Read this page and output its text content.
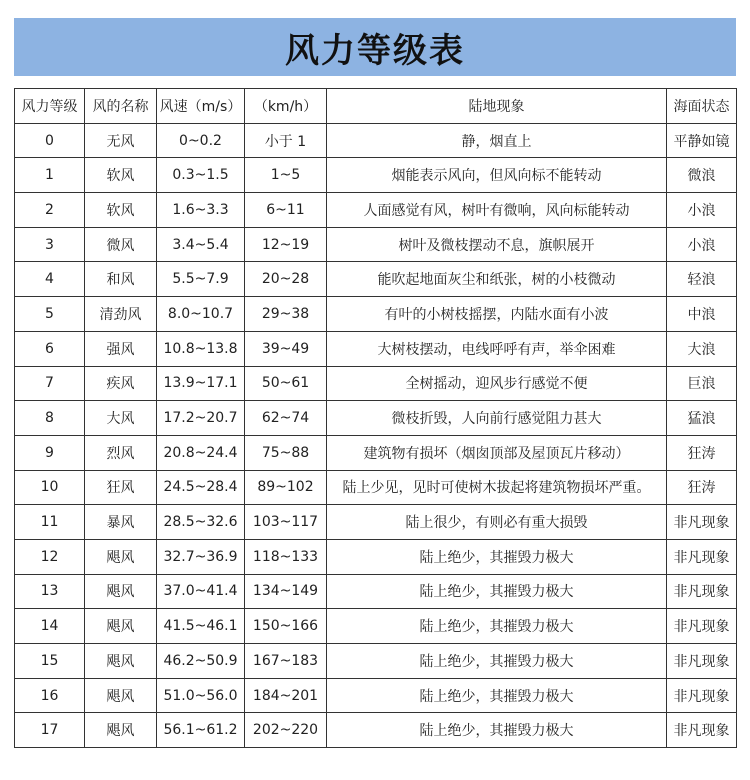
风力等级表
风力等级	风的名称	风速（m/s）	（km/h）	陆地现象	海面状态
0	无风	0~0.2	小于 1	静，烟直上	平静如镜
1	软风	0.3~1.5	1~5	烟能表示风向，但风向标不能转动	微浪
2	软风	1.6~3.3	6~11	人面感觉有风，树叶有微响，风向标能转动	小浪
3	微风	3.4~5.4	12~19	树叶及微枝摆动不息，旗帜展开	小浪
4	和风	5.5~7.9	20~28	能吹起地面灰尘和纸张，树的小枝微动	轻浪
5	清劲风	8.0~10.7	29~38	有叶的小树枝摇摆，内陆水面有小波	中浪
6	强风	10.8~13.8	39~49	大树枝摆动，电线呼呼有声，举伞困难	大浪
7	疾风	13.9~17.1	50~61	全树摇动，迎风步行感觉不便	巨浪
8	大风	17.2~20.7	62~74	微枝折毁，人向前行感觉阻力甚大	猛浪
9	烈风	20.8~24.4	75~88	建筑物有损坏（烟囱顶部及屋顶瓦片移动）	狂涛
10	狂风	24.5~28.4	89~102	陆上少见，见时可使树木拔起将建筑物损坏严重。	狂涛
11	暴风	28.5~32.6	103~117	陆上很少，有则必有重大损毁	非凡现象
12	飓风	32.7~36.9	118~133	陆上绝少，其摧毁力极大	非凡现象
13	飓风	37.0~41.4	134~149	陆上绝少，其摧毁力极大	非凡现象
14	飓风	41.5~46.1	150~166	陆上绝少，其摧毁力极大	非凡现象
15	飓风	46.2~50.9	167~183	陆上绝少，其摧毁力极大	非凡现象
16	飓风	51.0~56.0	184~201	陆上绝少，其摧毁力极大	非凡现象
17	飓风	56.1~61.2	202~220	陆上绝少，其摧毁力极大	非凡现象
